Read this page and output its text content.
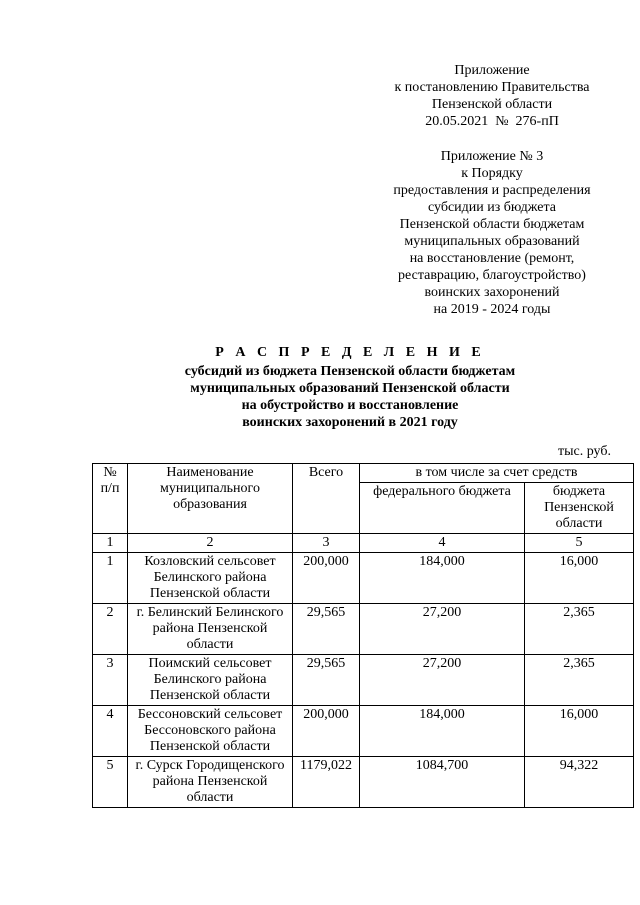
Приложение
к постановлению Правительства
Пензенской области
20.05.2021  №  276-пП
Приложение № 3
к Порядку
предоставления и распределения
субсидии из бюджета
Пензенской области бюджетам
муниципальных образований
на восстановление (ремонт,
реставрацию, благоустройство)
воинских захоронений
на 2019 - 2024 годы
Р А С П Р Е Д Е Л Е Н И Е
субсидий из бюджета Пензенской области бюджетам
муниципальных образований Пензенской области
на обустройство и восстановление
воинских захоронений в 2021 году
тыс. руб.
№ п/п	Наименование муниципального образования	Всего	в том числе за счет средств	
			федерального бюджета	бюджета Пензенской области
1	2	3	4	5
1	Козловский сельсовет Белинского района Пензенской области	200,000	184,000	16,000
2	г. Белинский Белинского района Пензенской области	29,565	27,200	2,365
3	Поимский сельсовет Белинского района Пензенской области	29,565	27,200	2,365
4	Бессоновский сельсовет Бессоновского района Пензенской области	200,000	184,000	16,000
5	г. Сурск Городищенского района Пензенской области	1179,022	1084,700	94,322
